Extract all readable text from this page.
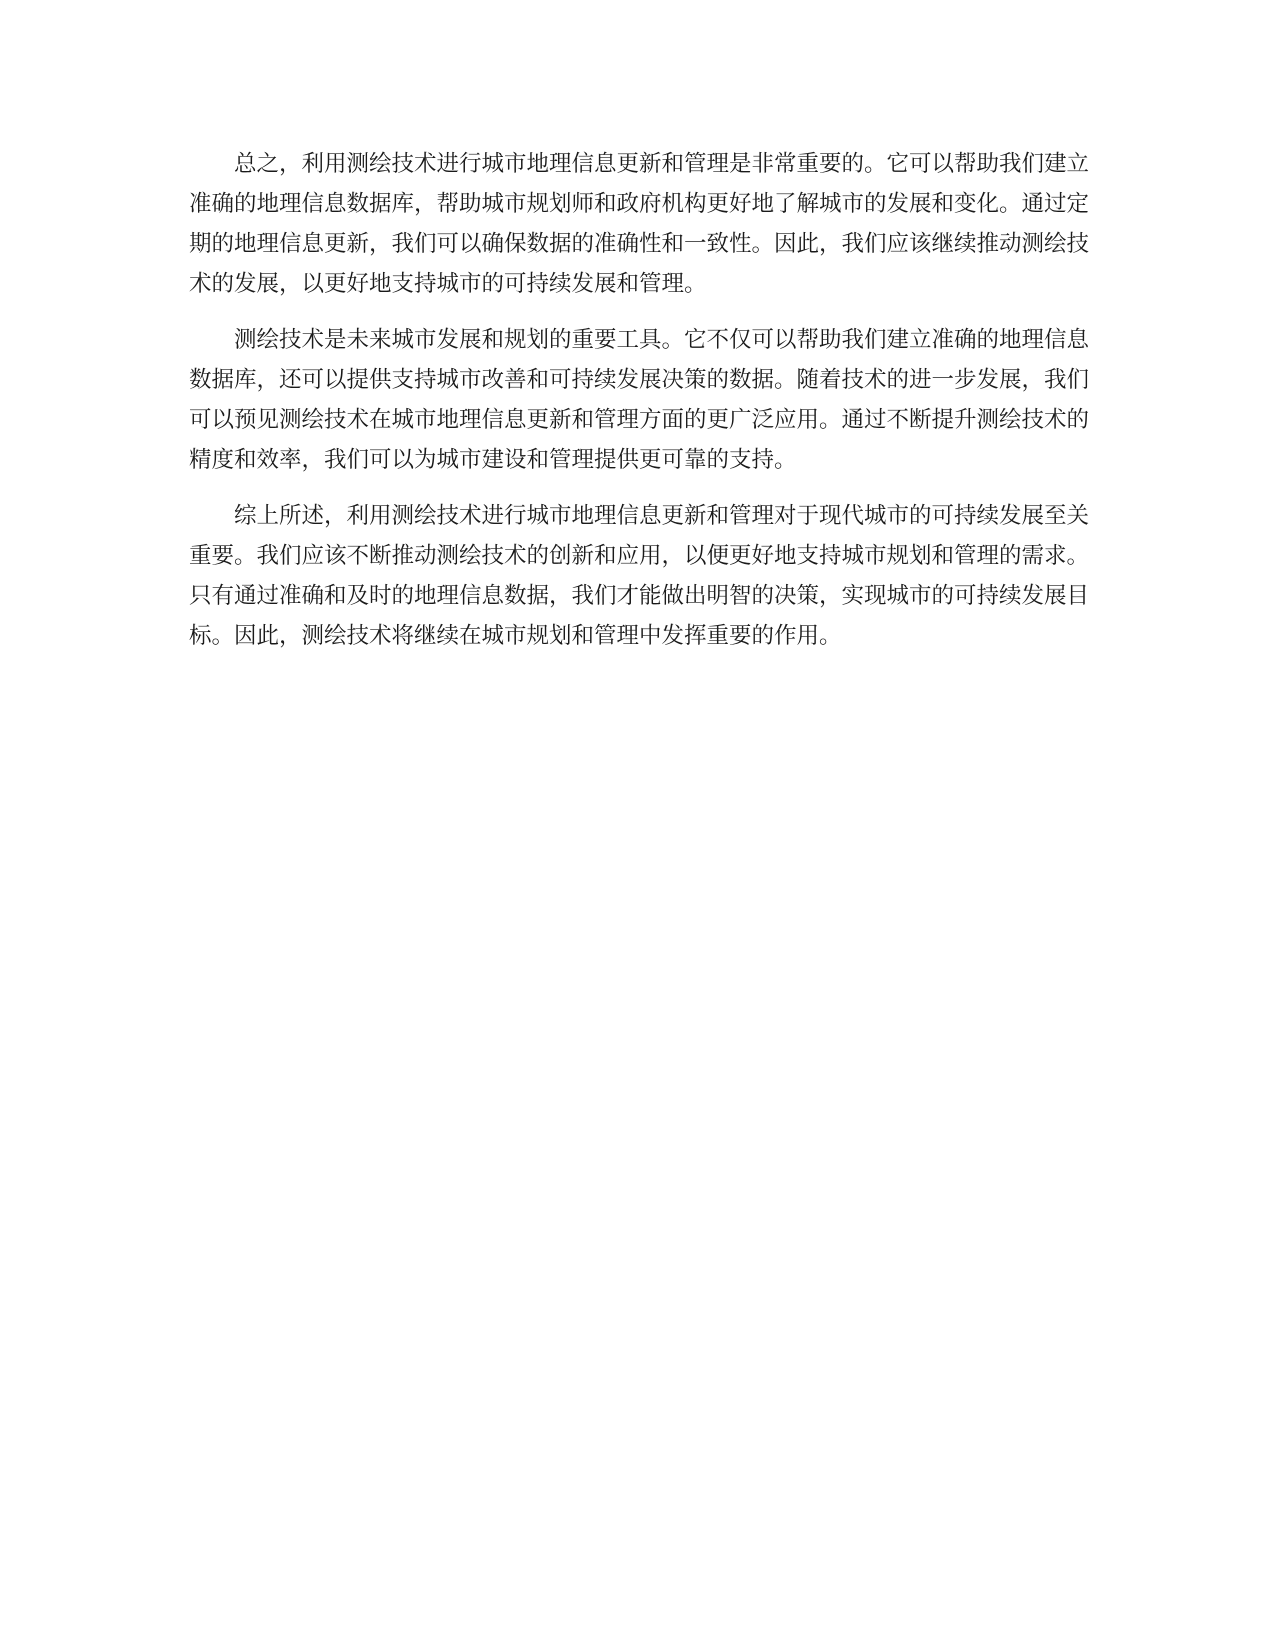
总之，利用测绘技术进行城市地理信息更新和管理是非常重要的。它可以帮助我们建立准确的地理信息数据库，帮助城市规划师和政府机构更好地了解城市的发展和变化。通过定期的地理信息更新，我们可以确保数据的准确性和一致性。因此，我们应该继续推动测绘技术的发展，以更好地支持城市的可持续发展和管理。

测绘技术是未来城市发展和规划的重要工具。它不仅可以帮助我们建立准确的地理信息数据库，还可以提供支持城市改善和可持续发展决策的数据。随着技术的进一步发展，我们可以预见测绘技术在城市地理信息更新和管理方面的更广泛应用。通过不断提升测绘技术的精度和效率，我们可以为城市建设和管理提供更可靠的支持。

综上所述，利用测绘技术进行城市地理信息更新和管理对于现代城市的可持续发展至关重要。我们应该不断推动测绘技术的创新和应用，以便更好地支持城市规划和管理的需求。只有通过准确和及时的地理信息数据，我们才能做出明智的决策，实现城市的可持续发展目标。因此，测绘技术将继续在城市规划和管理中发挥重要的作用。
